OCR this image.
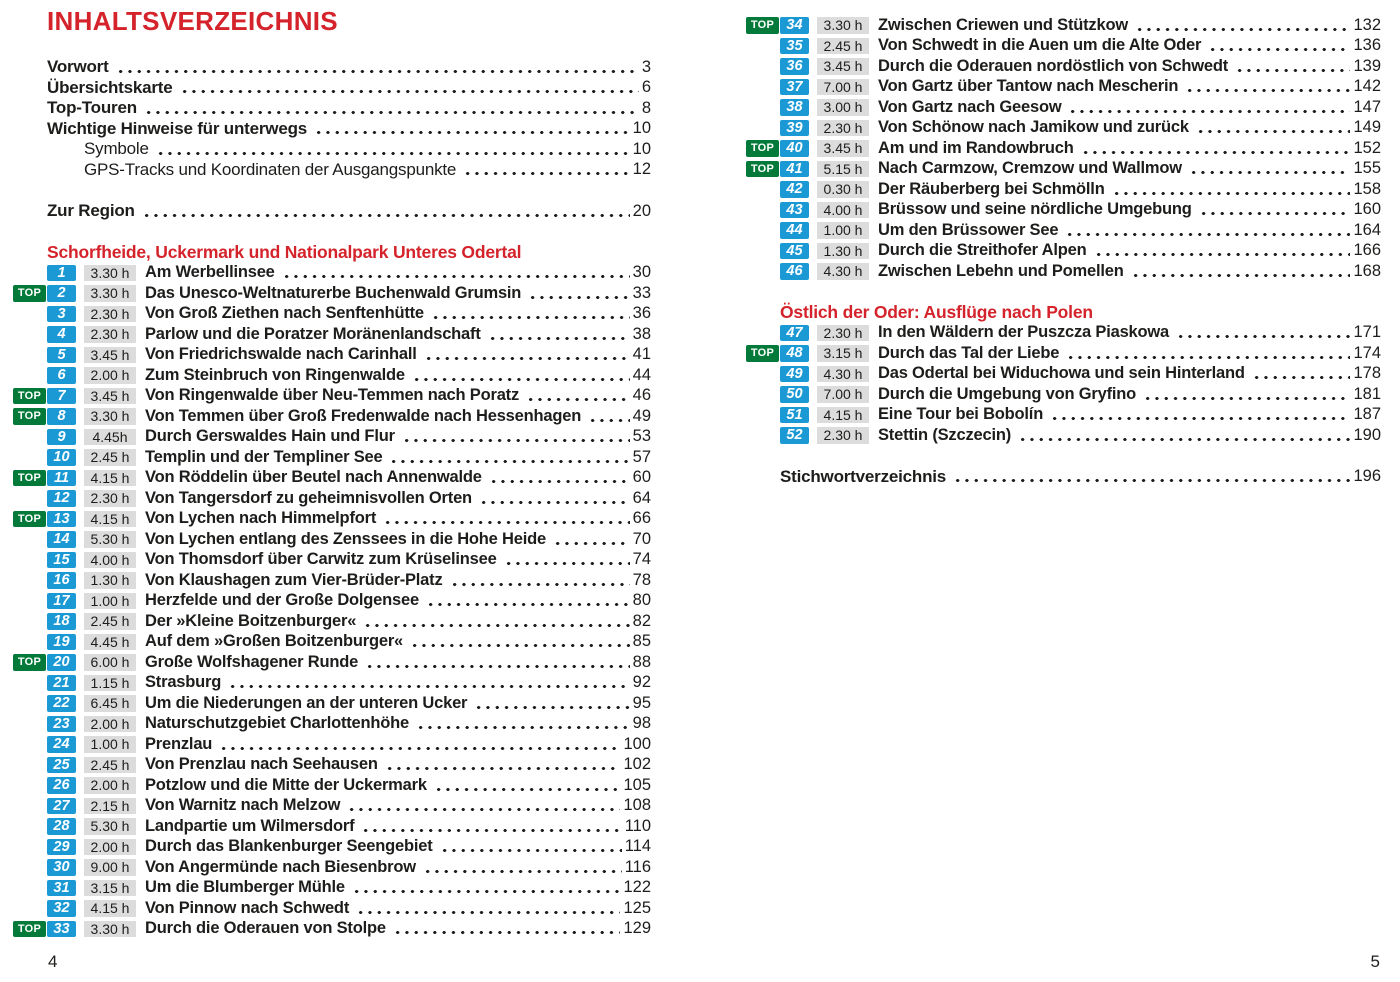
INHALTSVERZEICHNIS
Vorwort	3
Übersichtskarte	6
Top-Touren	8
Wichtige Hinweise für unterwegs	10
Symbole	10
GPS-Tracks und Koordinaten der Ausgangspunkte	12
Zur Region	20
Schorfheide, Uckermark und Nationalpark Unteres Odertal
1	3.30 h Am Werbellinsee	30
TOP	2	3.30 h Das Unesco-Weltnaturerbe Buchenwald Grumsin	33
3	2.30 h Von Groß Ziethen nach Senftenhütte	36
4	2.30 h Parlow und die Poratzer Moränenlandschaft	38
5	3.45 h Von Friedrichswalde nach Carinhall	41
6	2.00 h Zum Steinbruch von Ringenwalde	44
TOP	7	3.45 h Von Ringenwalde über Neu-Temmen nach Poratz	46
TOP	8	3.30 h Von Temmen über Groß Fredenwalde nach Hessenhagen	49
9	4.45h	Durch Gerswaldes Hain und Flur	53
10	2.45 h Templin und der Templiner See	57
TOP 11	4.15 h Von Röddelin über Beutel nach Annenwalde	60
12	2.30 h Von Tangersdorf zu geheimnisvollen Orten	64
TOP 13	4.15 h Von Lychen nach Himmelpfort	66
14	5.30 h Von Lychen entlang des Zenssees in die Hohe Heide	70
15	4.00 h Von Thomsdorf über Carwitz zum Krüselinsee	74
16	1.30 h Von Klaushagen zum Vier-Brüder-Platz	78
17	1.00 h Herzfelde und der Große Dolgensee	80
18	2.45 h Der »Kleine Boitzenburger«	82
19	4.45 h Auf dem »Großen Boitzenburger«	85
TOP 20	6.00 h Große Wolfshagener Runde	88
21	1.15 h Strasburg	92
22	6.45 h Um die Niederungen an der unteren Ucker	95
23	2.00 h Naturschutzgebiet Charlottenhöhe	98
24	1.00 h Prenzlau	100
25	2.45 h Von Prenzlau nach Seehausen	102
26	2.00 h Potzlow und die Mitte der Uckermark	105
27	2.15 h Von Warnitz nach Melzow	108
28	5.30 h Landpartie um Wilmersdorf	110
29	2.00 h Durch das Blankenburger Seengebiet	114
30	9.00 h Von Angermünde nach Biesenbrow	116
31	3.15 h Um die Blumberger Mühle	122
32	4.15 h Von Pinnow nach Schwedt	125
TOP 33	3.30 h Durch die Oderauen von Stolpe	129
TOP 34	3.30 h Zwischen Criewen und Stützkow	132
35	2.45 h Von Schwedt in die Auen um die Alte Oder	136
36	3.45 h Durch die Oderauen nordöstlich von Schwedt	139
37	7.00 h Von Gartz über Tantow nach Mescherin	142
38	3.00 h Von Gartz nach Geesow	147
39	2.30 h Von Schönow nach Jamikow und zurück	149
TOP 40	3.45 h Am und im Randowbruch	152
TOP 41	5.15 h Nach Carmzow, Cremzow und Wallmow	155
42	0.30 h Der Räuberberg bei Schmölln	158
43	4.00 h Brüssow und seine nördliche Umgebung	160
44	1.00 h Um den Brüssower See	164
45	1.30 h Durch die Streithofer Alpen	166
46	4.30 h Zwischen Lebehn und Pomellen	168
Östlich der Oder: Ausflüge nach Polen
47	2.30 h In den Wäldern der Puszcza Piaskowa	171
TOP 48	3.15 h Durch das Tal der Liebe	174
49	4.30 h Das Odertal bei Widuchowa und sein Hinterland	178
50	7.00 h Durch die Umgebung von Gryfino	181
51	4.15 h Eine Tour bei Bobolín	187
52	2.30 h Stettin (Szczecin)	190
Stichwortverzeichnis	196
4	5
